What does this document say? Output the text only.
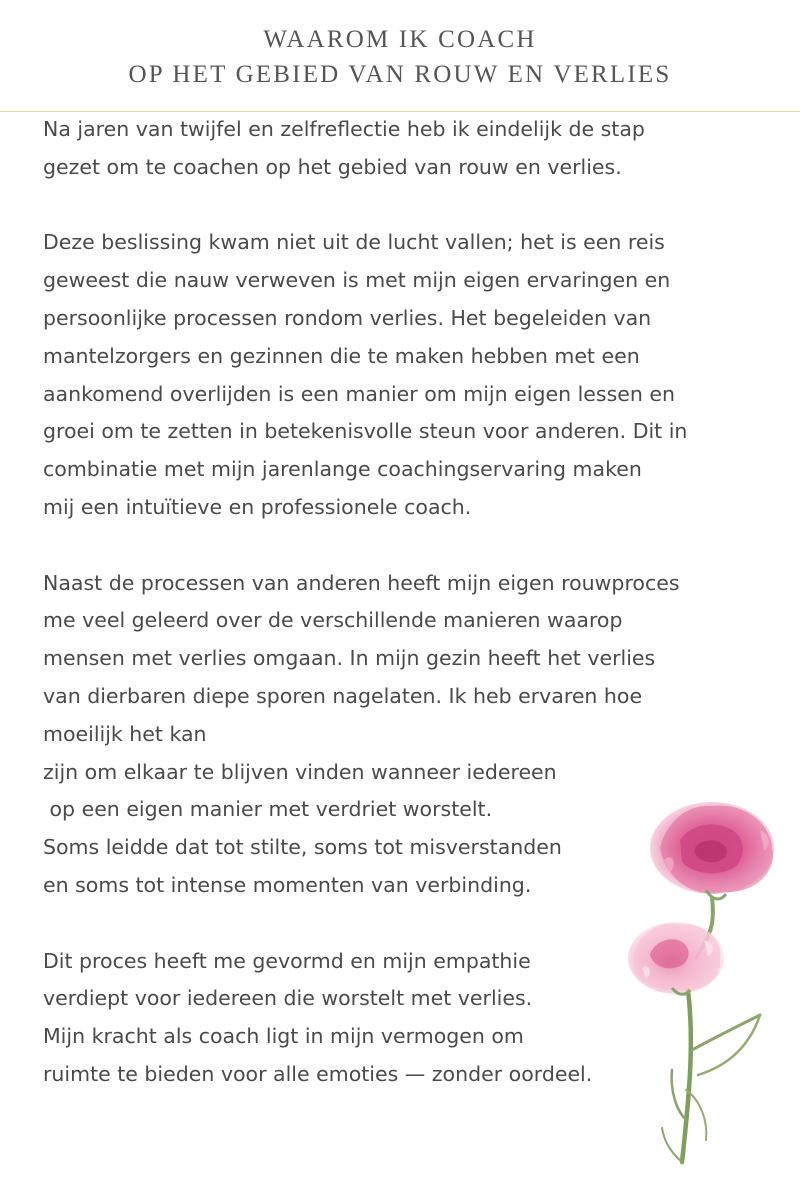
WAAROM IK COACH
OP HET GEBIED VAN ROUW EN VERLIES
Na jaren van twijfel en zelfreflectie heb ik eindelijk de stap
gezet om te coachen op het gebied van rouw en verlies.
Deze beslissing kwam niet uit de lucht vallen; het is een reis
geweest die nauw verweven is met mijn eigen ervaringen en
persoonlijke processen rondom verlies. Het begeleiden van
mantelzorgers en gezinnen die te maken hebben met een
aankomend overlijden is een manier om mijn eigen lessen en
groei om te zetten in betekenisvolle steun voor anderen. Dit in
combinatie met mijn jarenlange coachingservaring maken
mij een intuïtieve en professionele coach.
Naast de processen van anderen heeft mijn eigen rouwproces
me veel geleerd over de verschillende manieren waarop
mensen met verlies omgaan. In mijn gezin heeft het verlies
van dierbaren diepe sporen nagelaten. Ik heb ervaren hoe
moeilijk het kan
zijn om elkaar te blijven vinden wanneer iedereen
op een eigen manier met verdriet worstelt.
Soms leidde dat tot stilte, soms tot misverstanden
en soms tot intense momenten van verbinding.
Dit proces heeft me gevormd en mijn empathie
verdiept voor iedereen die worstelt met verlies.
Mijn kracht als coach ligt in mijn vermogen om
ruimte te bieden voor alle emoties — zonder oordeel.
